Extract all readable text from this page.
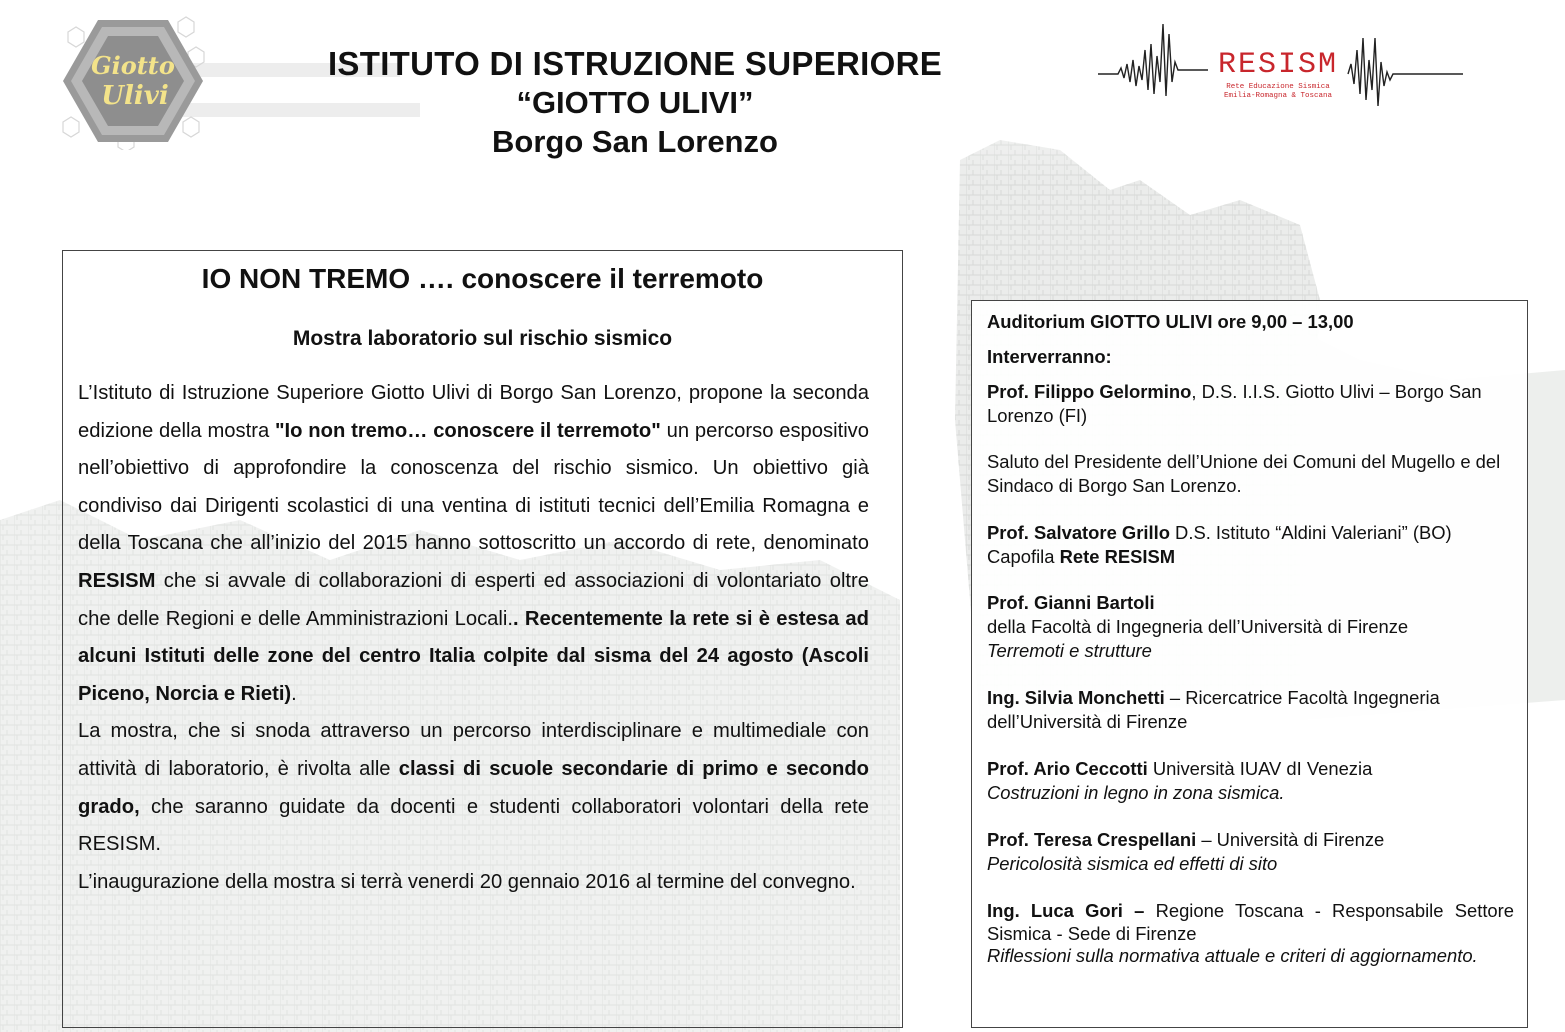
Giotto
Ulivi
ISTITUTO DI ISTRUZIONE SUPERIORE
“GIOTTO ULIVI”
Borgo San Lorenzo
RESISM
Rete Educazione Sismica
Emilia-Romagna & Toscana
IO NON TREMO …. conoscere il terremoto
Mostra laboratorio sul rischio sismico

L’Istituto di Istruzione Superiore Giotto Ulivi di Borgo San Lorenzo, propone la seconda edizione della mostra "Io non tremo… conoscere il terremoto" un percorso espositivo nell’obiettivo di approfondire la conoscenza del rischio sismico. Un obiettivo già condiviso dai Dirigenti scolastici di una ventina di istituti tecnici dell’Emilia Romagna e della Toscana che all’inizio del 2015 hanno sottoscritto un accordo di rete, denominato RESISM che si avvale di collaborazioni di esperti ed associazioni di volontariato oltre che delle Regioni e delle Amministrazioni Locali.. Recentemente la rete si è estesa ad alcuni Istituti delle zone del centro Italia colpite dal sisma del 24 agosto (Ascoli Piceno, Norcia e Rieti).

La mostra, che si snoda attraverso un percorso interdisciplinare e multimediale con attività di laboratorio, è rivolta alle classi di scuole secondarie di primo e secondo grado, che saranno guidate da docenti e studenti collaboratori volontari della rete RESISM.

L’inaugurazione della mostra si terrà venerdi 20 gennaio 2016 al termine del convegno.

Auditorium GIOTTO ULIVI ore 9,00 – 13,00
Interverranno:
Prof. Filippo Gelormino, D.S. I.I.S. Giotto Ulivi – Borgo San Lorenzo (FI)
Saluto del Presidente dell’Unione dei Comuni del Mugello e del Sindaco di Borgo San Lorenzo.
Prof. Salvatore Grillo D.S. Istituto “Aldini Valeriani” (BO) Capofila Rete RESISM
Prof. Gianni Bartoli
della Facoltà di Ingegneria dell’Università di Firenze
Terremoti e strutture
Ing. Silvia Monchetti – Ricercatrice Facoltà Ingegneria dell’Università di Firenze
Prof. Ario Ceccotti Università IUAV dI Venezia
Costruzioni in legno in zona sismica.
Prof. Teresa Crespellani – Università di Firenze
Pericolosità sismica ed effetti di sito
Ing. Luca Gori – Regione Toscana - Responsabile Settore Sismica - Sede di Firenze
Riflessioni sulla normativa attuale e criteri di aggiornamento.
